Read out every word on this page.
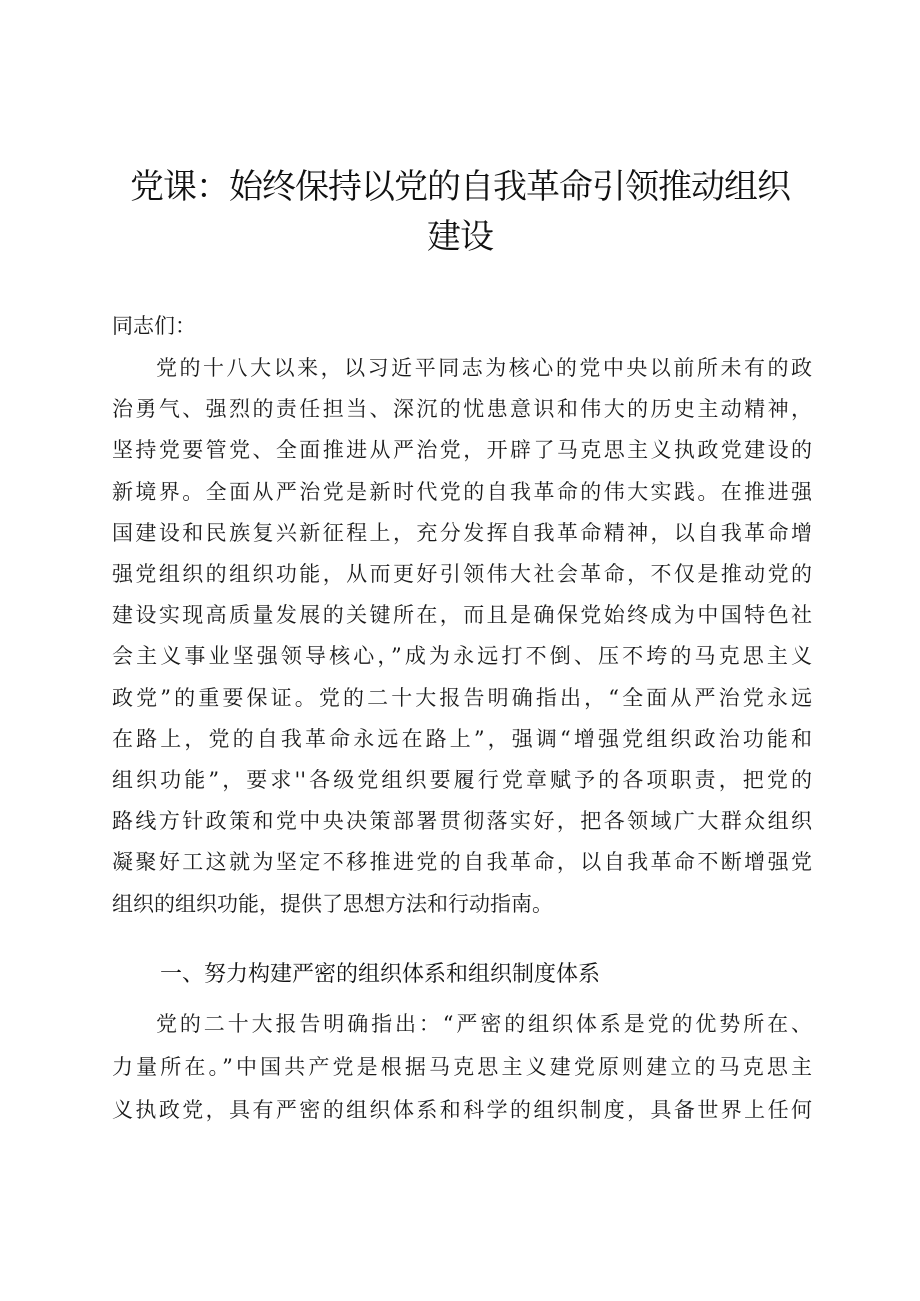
党课：始终保持以党的自我革命引领推动组织
建设

同志们：

党的十八大以来，以习近平同志为核心的党中央以前所未有的政
治勇气、强烈的责任担当、深沉的忧患意识和伟大的历史主动精神，
坚持党要管党、全面推进从严治党，开辟了马克思主义执政党建设的
新境界。全面从严治党是新时代党的自我革命的伟大实践。在推进强
国建设和民族复兴新征程上，充分发挥自我革命精神，以自我革命增
强党组织的组织功能，从而更好引领伟大社会革命，不仅是推动党的
建设实现高质量发展的关键所在，而且是确保党始终成为中国特色社
会主义事业坚强领导核心，”成为永远打不倒、压不垮的马克思主义
政党”的重要保证。党的二十大报告明确指出，“全面从严治党永远
在路上，党的自我革命永远在路上”，强调“增强党组织政治功能和
组织功能”，要求''各级党组织要履行党章赋予的各项职责，把党的
路线方针政策和党中央决策部署贯彻落实好，把各领域广大群众组织
凝聚好工这就为坚定不移推进党的自我革命，以自我革命不断增强党
组织的组织功能，提供了思想方法和行动指南。
一、努力构建严密的组织体系和组织制度体系
党的二十大报告明确指出：“严密的组织体系是党的优势所在、
力量所在。”中国共产党是根据马克思主义建党原则建立的马克思主
义执政党，具有严密的组织体系和科学的组织制度，具备世界上任何
